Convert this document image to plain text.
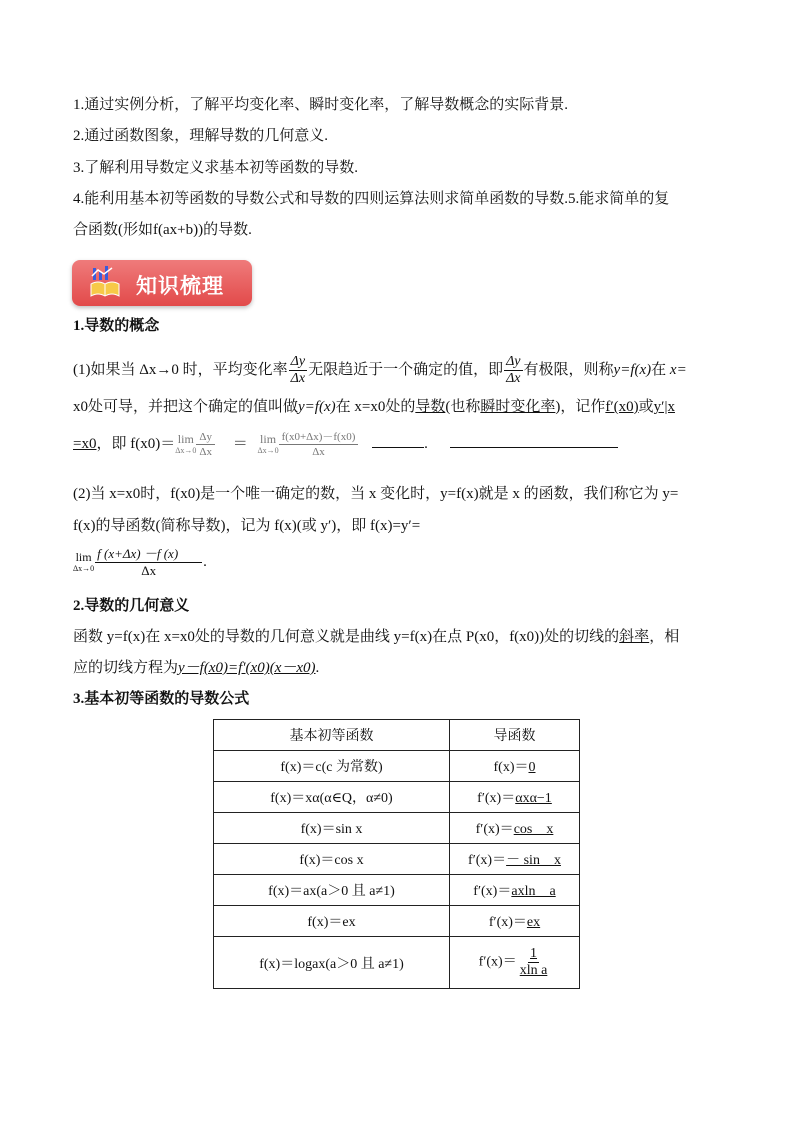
1.通过实例分析，了解平均变化率、瞬时变化率，了解导数概念的实际背景.
2.通过函数图象，理解导数的几何意义.
3.了解利用导数定义求基本初等函数的导数.
4.能利用基本初等函数的导数公式和导数的四则运算法则求简单函数的导数.5.能求简单的复
合函数(形如f(ax+b))的导数.
知识梳理
1.导数的概念
(1)如果当 Δx→0 时，平均变化率 $\frac{\Delta y}{\Delta x}$ 无限趋近于一个确定的值，即 $\frac{\Delta y}{\Delta x}$ 有极限，则称y=f(x)在 x=
x0处可导，并把这个确定的值叫做y=f(x)在 x=x0处的导数(也称瞬时变化率)，记作f′(x0)或y′|x
=x0，即 f(x0)＝ lim
$\Delta x\to 0 \frac{\Delta y}{\Delta x} = \lim$
$\Delta x\to 0 \frac{f(x0+\Delta x)-f(x0)}{\Delta x}$	.
(2)当 x=x0时，f(x0)是一个唯一确定的数，当 x 变化时，y=f(x)就是 x 的函数，我们称它为 y=
f(x)的导函数(简称导数)，记为 f(x)(或 y′)，即 f(x)=y′=
lim
$\Delta x\to 0 \frac{f (x+\Delta x) -f (x)}{\Delta x}$ .
2.导数的几何意义
函数 y=f(x)在 x=x0处的导数的几何意义就是曲线 y=f(x)在点 P(x0，f(x0))处的切线的斜率，相
应的切线方程为y－f(x0)=f′(x0)(x－x0).
3.基本初等函数的导数公式
基本初等函数	导函数
f(x)＝c(c 为常数)	f(x)＝0
f(x)＝xα(α∈Q，α≠0)	f′(x)＝αxα−1
f(x)＝sin x	f′(x)＝cos　x
f(x)＝cos x	f′(x)＝－ sin　x
f(x)＝ax(a＞0 且 a≠1)	f′(x)＝axln　a
f(x)＝ex	f′(x)＝ex
f(x)＝logax(a＞0 且 a≠1)	$f'(x)= \frac{1}{\text{xln a}}$
